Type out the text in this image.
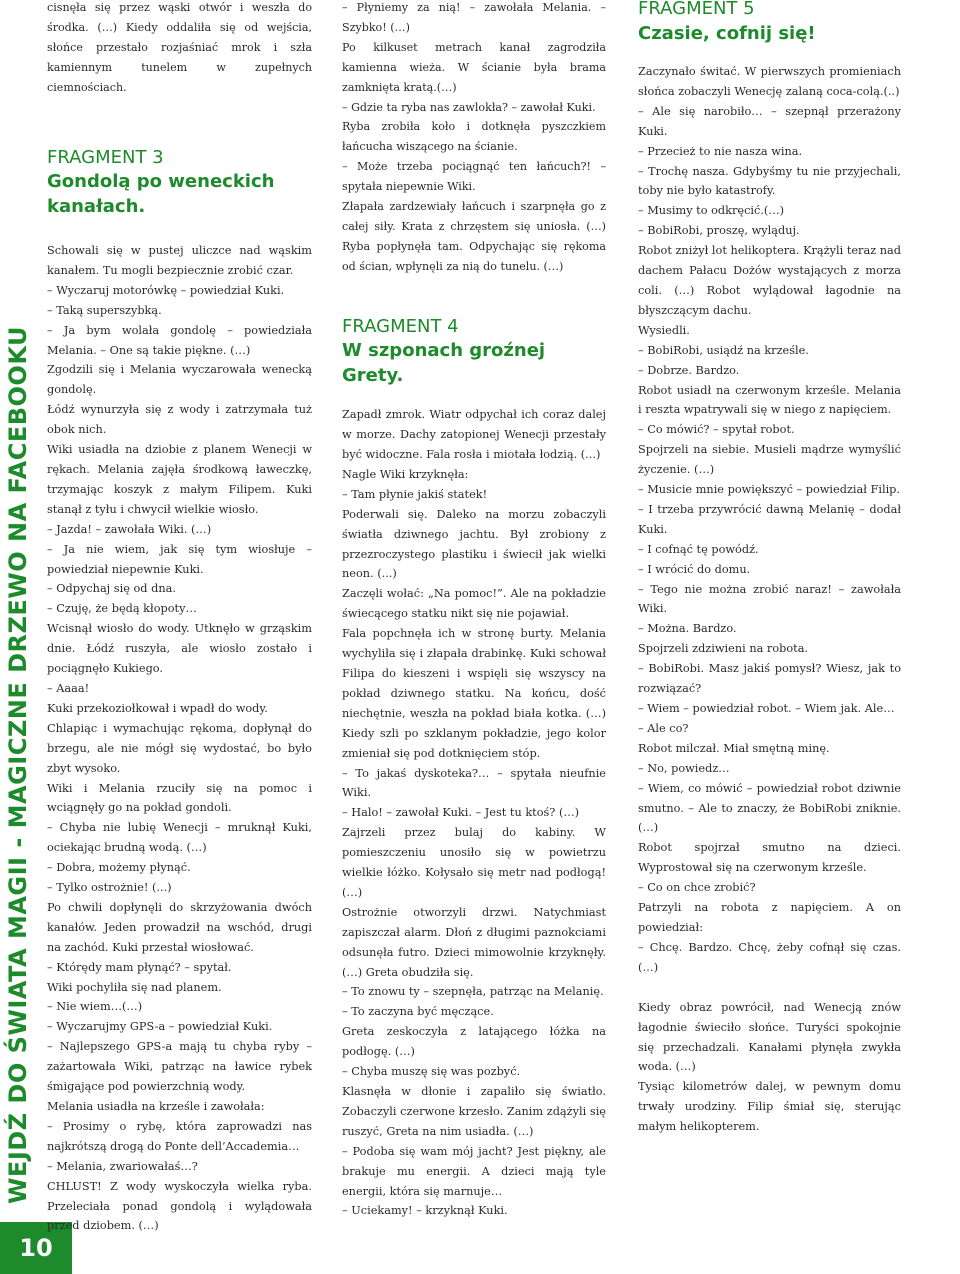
WEJDŹ DO ŚWIATA MAGII - MAGICZNE DRZEWO NA FACEBOOKU
10

cisnęła się przez wąski otwór i weszła do środka. (…) Kiedy oddaliła się od wejścia, słońce przestało rozjaśniać mrok i szła kamiennym tunelem w zupełnych ciemnościach.

FRAGMENT 3
Gondolą po weneckich kanałach.

Schowali się w pustej uliczce nad wąskim kanałem. Tu mogli bezpiecznie zrobić czar.

– Wyczaruj motorówkę – powiedział Kuki.

– Taką superszybką.

– Ja bym wolała gondolę – powiedziała Melania. – One są takie piękne. (…)

Zgodzili się i Melania wyczarowała wenecką gondolę.

Łódź wynurzyła się z wody i zatrzymała tuż obok nich.

Wiki usiadła na dziobie z planem Wenecji w rękach. Melania zajęła środkową ławeczkę, trzymając koszyk z małym Filipem. Kuki stanął z tyłu i chwycił wielkie wiosło.

– Jazda! – zawołała Wiki. (…)

– Ja nie wiem, jak się tym wiosłuje – powiedział niepewnie Kuki.

– Odpychaj się od dna.

– Czuję, że będą kłopoty…

Wcisnął wiosło do wody. Utknęło w grząskim dnie. Łódź ruszyła, ale wiosło zostało i pociągnęło Kukiego.

– Aaaa!

Kuki przekoziołkował i wpadł do wody.

Chlapiąc i wymachując rękoma, dopłynął do brzegu, ale nie mógł się wydostać, bo było zbyt wysoko.

Wiki i Melania rzuciły się na pomoc i wciągnęły go na pokład gondoli.

– Chyba nie lubię Wenecji – mruknął Kuki, ociekając brudną wodą. (…)

– Dobra, możemy płynąć.

– Tylko ostrożnie! (...)

Po chwili dopłynęli do skrzyżowania dwóch kanałów. Jeden prowadził na wschód, drugi na zachód. Kuki przestał wiosłować.

– Którędy mam płynąć? – spytał.

Wiki pochyliła się nad planem.

– Nie wiem…(…)

– Wyczarujmy GPS-a – powiedział Kuki.

– Najlepszego GPS-a mają tu chyba ryby – zażartowała Wiki, patrząc na ławice rybek śmigające pod powierzchnią wody.

Melania usiadła na krześle i zawołała:

– Prosimy o rybę, która zaprowadzi nas najkrótszą drogą do Ponte dell’Accademia…

– Melania, zwariowałaś…?

CHLUST! Z wody wyskoczyła wielka ryba. Przeleciała ponad gondolą i wylądowała przed dziobem. (…)

– Płyniemy za nią! – zawołała Melania. – Szybko! (…)

Po kilkuset metrach kanał zagrodziła kamienna wieża. W ścianie była brama zamknięta kratą.(…)

– Gdzie ta ryba nas zawlokła? – zawołał Kuki.

Ryba zrobiła koło i dotknęła pyszczkiem łańcucha wiszącego na ścianie.

– Może trzeba pociągnąć ten łańcuch?! – spytała niepewnie Wiki.

Złapała zardzewiały łańcuch i szarpnęła go z całej siły. Krata z chrzęstem się uniosła. (…) Ryba popłynęła tam. Odpychając się rękoma od ścian, wpłynęli za nią do tunelu. (…)

FRAGMENT 4
W szponach groźnej Grety.

Zapadł zmrok. Wiatr odpychał ich coraz dalej w morze. Dachy zatopionej Wenecji przestały być widoczne. Fala rosła i miotała łodzią. (...)

Nagle Wiki krzyknęła:

– Tam płynie jakiś statek!

Poderwali się. Daleko na morzu zobaczyli światła dziwnego jachtu. Był zrobiony z przezroczystego plastiku i świecił jak wielki neon. (...)

Zaczęli wołać: „Na pomoc!”. Ale na pokładzie świecącego statku nikt się nie pojawiał.

Fala popchnęła ich w stronę burty. Melania wychyliła się i złapała drabinkę. Kuki schował Filipa do kieszeni i wspięli się wszyscy na pokład dziwnego statku. Na końcu, dość niechętnie, weszła na pokład biała kotka. (…) Kiedy szli po szklanym pokładzie, jego kolor zmieniał się pod dotknięciem stóp.

– To jakaś dyskoteka?… – spytała nieufnie Wiki.

– Halo! – zawołał Kuki. – Jest tu ktoś? (…)

Zajrzeli przez bulaj do kabiny. W pomieszczeniu unosiło się w powietrzu wielkie łóżko. Kołysało się metr nad podłogą! (…)

Ostrożnie otworzyli drzwi. Natychmiast zapiszczał alarm. Dłoń z długimi paznokciami odsunęła futro. Dzieci mimowolnie krzyknęły. (…) Greta obudziła się.

– To znowu ty – szepnęła, patrząc na Melanię.

– To zaczyna być męczące.

Greta zeskoczyła z latającego łóżka na podłogę. (…)

– Chyba muszę się was pozbyć.

Klasnęła w dłonie i zapaliło się światło. Zobaczyli czerwone krzesło. Zanim zdążyli się ruszyć, Greta na nim usiadła. (…)

– Podoba się wam mój jacht? Jest piękny, ale brakuje mu energii. A dzieci mają tyle energii, która się marnuje…

– Uciekamy! – krzyknął Kuki.

FRAGMENT 5
Czasie, cofnij się!

Zaczynało świtać. W pierwszych promieniach słońca zobaczyli Wenecję zalaną coca-colą.(..)

– Ale się narobiło… – szepnął przerażony Kuki.

– Przecież to nie nasza wina.

– Trochę nasza. Gdybyśmy tu nie przyjechali, toby nie było katastrofy.

– Musimy to odkręcić.(…)

– BobiRobi, proszę, wyląduj.

Robot zniżył lot helikoptera. Krążyli teraz nad dachem Pałacu Dożów wystających z morza coli. (…) Robot wylądował łagodnie na błyszczącym dachu.

Wysiedli.

– BobiRobi, usiądź na krześle.

– Dobrze. Bardzo.

Robot usiadł na czerwonym krześle. Melania i reszta wpatrywali się w niego z napięciem.

– Co mówić? – spytał robot.

Spojrzeli na siebie. Musieli mądrze wymyślić życzenie. (…)

– Musicie mnie powiększyć – powiedział Filip.

– I trzeba przywrócić dawną Melanię – dodał Kuki.

– I cofnąć tę powódź.

– I wrócić do domu.

– Tego nie można zrobić naraz! – zawołała Wiki.

– Można. Bardzo.

Spojrzeli zdziwieni na robota.

– BobiRobi. Masz jakiś pomysł? Wiesz, jak to rozwiązać?

– Wiem – powiedział robot. – Wiem jak. Ale…

– Ale co?

Robot milczał. Miał smętną minę.

– No, powiedz…

– Wiem, co mówić – powiedział robot dziwnie smutno. – Ale to znaczy, że BobiRobi zniknie. (…)

Robot spojrzał smutno na dzieci. Wyprostował się na czerwonym krześle.

– Co on chce zrobić?

Patrzyli na robota z napięciem. A on powiedział:

– Chcę. Bardzo. Chcę, żeby cofnął się czas. (…)

Kiedy obraz powrócił, nad Wenecją znów łagodnie świeciło słońce. Turyści spokojnie się przechadzali. Kanałami płynęła zwykła woda. (…)

Tysiąc kilometrów dalej, w pewnym domu trwały urodziny. Filip śmiał się, sterując małym helikopterem.
